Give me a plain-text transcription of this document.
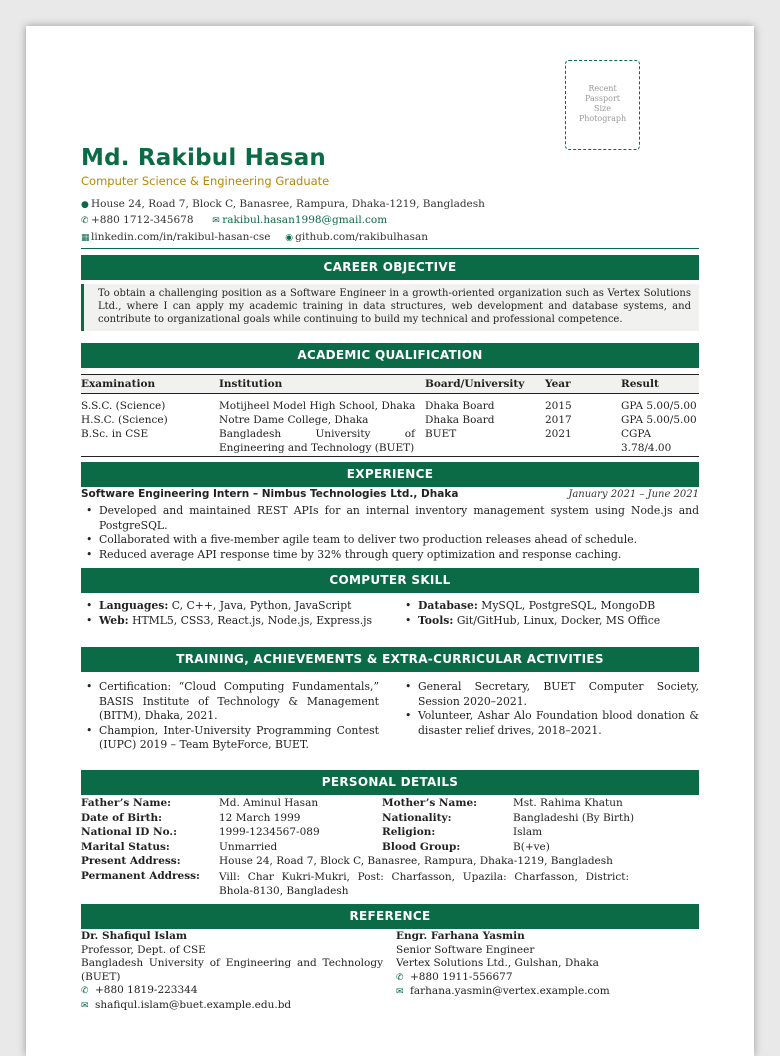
Recent
Passport
Size
Photograph
Md. Rakibul Hasan
Computer Science & Engineering Graduate
● House 24, Road 7, Block C, Banasree, Rampura, Dhaka-1219, Bangladesh
✆ +880 1712-345678 ✉ rakibul.hasan1998@gmail.com
▦linkedin.com/in/rakibul-hasan-cse ◉ github.com/rakibulhasan
CAREER OBJECTIVE
To obtain a challenging position as a Software Engineer in a growth-oriented organization such as Vertex Solutions Ltd., where I can apply my academic training in data structures, web development and database systems, and contribute to organizational goals while continuing to build my technical and professional competence.
ACADEMIC QUALIFICATION
Examination	Institution	Board/University	Year	Result
S.S.C. (Science)	Motijheel Model High School, Dhaka	Dhaka Board	2015	GPA 5.00/5.00
H.S.C. (Science)	Notre Dame College, Dhaka	Dhaka Board	2017	GPA 5.00/5.00
B.Sc. in CSE	Bangladesh University of Engineering and Technology (BUET)	BUET	2021	CGPA 3.78/4.00
EXPERIENCE
Software Engineering Intern – Nimbus Technologies Ltd., Dhaka	January 2021 – June 2021
• Developed and maintained REST APIs for an internal inventory management system using Node.js and PostgreSQL.
• Collaborated with a five-member agile team to deliver two production releases ahead of schedule.
• Reduced average API response time by 32% through query optimization and response caching.
COMPUTER SKILL
• Languages: C, C++, Java, Python, JavaScript
• Web: HTML5, CSS3, React.js, Node.js, Express.js
• Database: MySQL, PostgreSQL, MongoDB
• Tools: Git/GitHub, Linux, Docker, MS Office
TRAINING, ACHIEVEMENTS & EXTRA-CURRICULAR ACTIVITIES
• Certification: “Cloud Computing Fundamentals,” BASIS Institute of Technology & Management (BITM), Dhaka, 2021.
• Champion, Inter-University Programming Contest (IUPC) 2019 – Team ByteForce, BUET.
• General Secretary, BUET Computer Society, Session 2020–2021.
• Volunteer, Ashar Alo Foundation blood donation & disaster relief drives, 2018–2021.
PERSONAL DETAILS
Father’s Name:	Md. Aminul Hasan	Mother’s Name:	Mst. Rahima Khatun
Date of Birth:	12 March 1999	Nationality:	Bangladeshi (By Birth)
National ID No.:	1999-1234567-089	Religion:	Islam
Marital Status:	Unmarried	Blood Group:	B(+ve)
Present Address:	House 24, Road 7, Block C, Banasree, Rampura, Dhaka-1219, Bangladesh
Permanent Address: Vill: Char Kukri-Mukri, Post: Charfasson, Upazila: Charfasson, District: Bhola-8130, Bangladesh
REFERENCE
Dr. Shafiqul Islam
Professor, Dept. of CSE
Bangladesh University of Engineering and Technology (BUET)
✆ +880 1819-223344
✉ shafiqul.islam@buet.example.edu.bd
Engr. Farhana Yasmin
Senior Software Engineer
Vertex Solutions Ltd., Gulshan, Dhaka
✆ +880 1911-556677
✉ farhana.yasmin@vertex.example.com
